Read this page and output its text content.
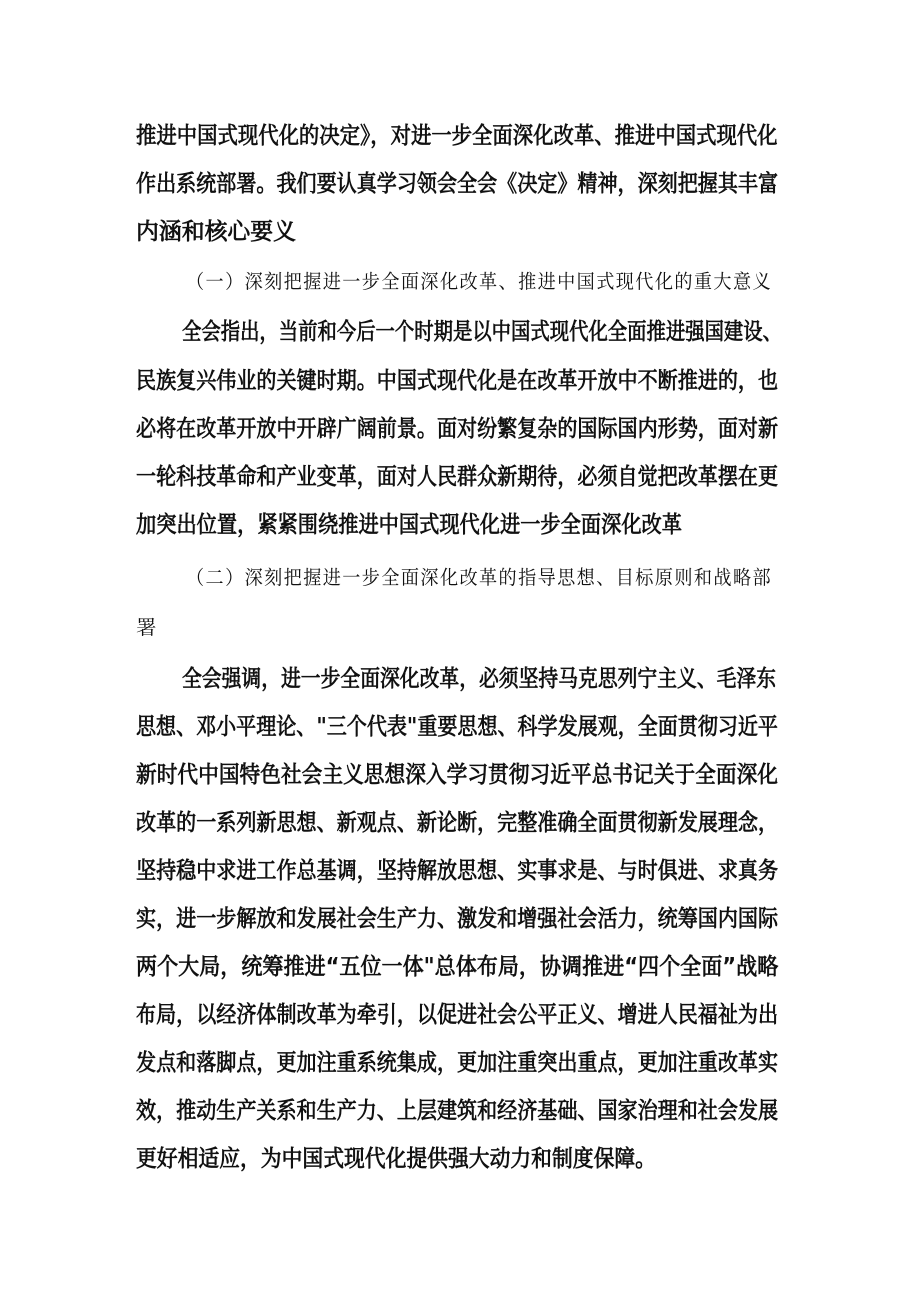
推进中国式现代化的决定》，对进一步全面深化改革、推进中国式现代化

作出系统部署。我们要认真学习领会全会《决定》精神，深刻把握其丰富

内涵和核心要义

（一）深刻把握进一步全面深化改革、推进中国式现代化的重大意义

全会指出，当前和今后一个时期是以中国式现代化全面推进强国建设、

民族复兴伟业的关键时期。中国式现代化是在改革开放中不断推进的，也

必将在改革开放中开辟广阔前景。面对纷繁复杂的国际国内形势，面对新

一轮科技革命和产业变革，面对人民群众新期待，必须自觉把改革摆在更

加突出位置，紧紧围绕推进中国式现代化进一步全面深化改革

（二）深刻把握进一步全面深化改革的指导思想、目标原则和战略部

署

全会强调，进一步全面深化改革，必须坚持马克思列宁主义、毛泽东

思想、邓小平理论、"三个代表"重要思想、科学发展观，全面贯彻习近平

新时代中国特色社会主义思想深入学习贯彻习近平总书记关于全面深化

改革的一系列新思想、新观点、新论断，完整准确全面贯彻新发展理念，

坚持稳中求进工作总基调，坚持解放思想、实事求是、与时俱进、求真务

实，进一步解放和发展社会生产力、激发和增强社会活力，统筹国内国际

两个大局，统筹推进“五位一体"总体布局，协调推进“四个全面”战略

布局，以经济体制改革为牵引，以促进社会公平正义、增进人民福祉为出

发点和落脚点，更加注重系统集成，更加注重突出重点，更加注重改革实

效，推动生产关系和生产力、上层建筑和经济基础、国家治理和社会发展

更好相适应，为中国式现代化提供强大动力和制度保障。
